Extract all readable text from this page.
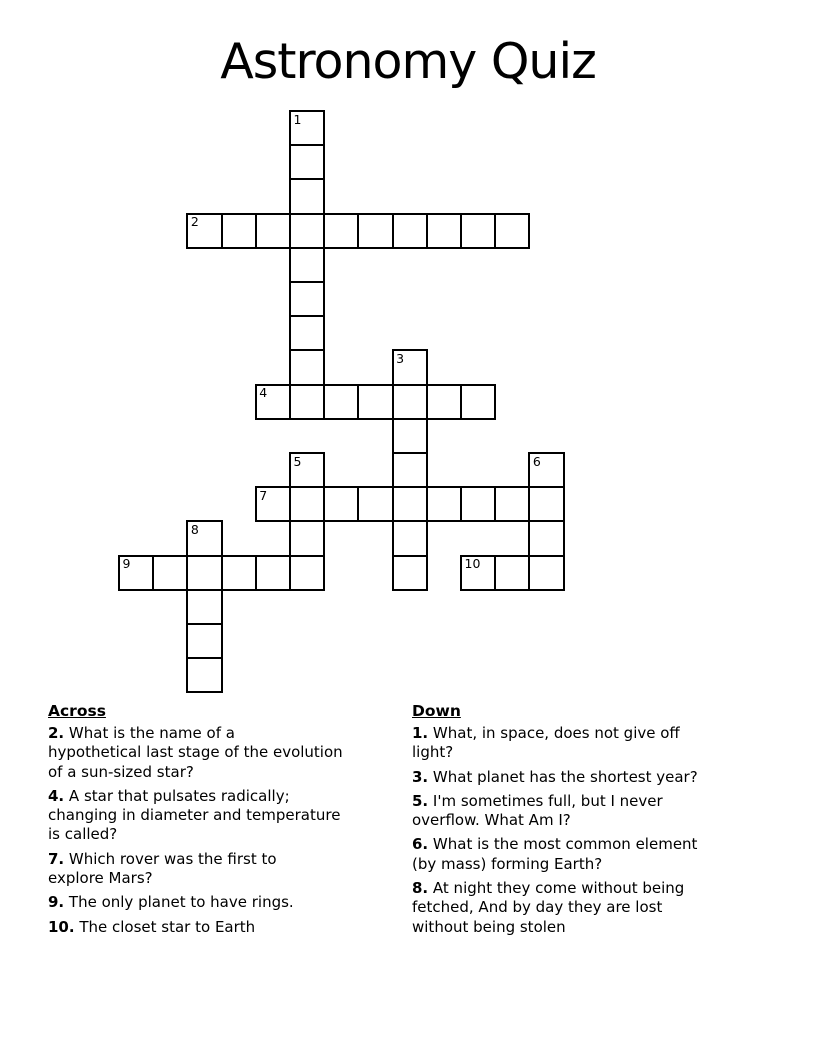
Astronomy Quiz
1
2
3
4
5	6
7
8
9	10
Across
2. What is the name of a
hypothetical last stage of the evolution
of a sun-sized star?
4. A star that pulsates radically;
changing in diameter and temperature
is called?
7. Which rover was the first to
explore Mars?
9. The only planet to have rings.
10. The closet star to Earth
Down
1. What, in space, does not give off
light?
3. What planet has the shortest year?
5. I'm sometimes full, but I never
overflow. What Am I?
6. What is the most common element
(by mass) forming Earth?
8. At night they come without being
fetched, And by day they are lost
without being stolen
